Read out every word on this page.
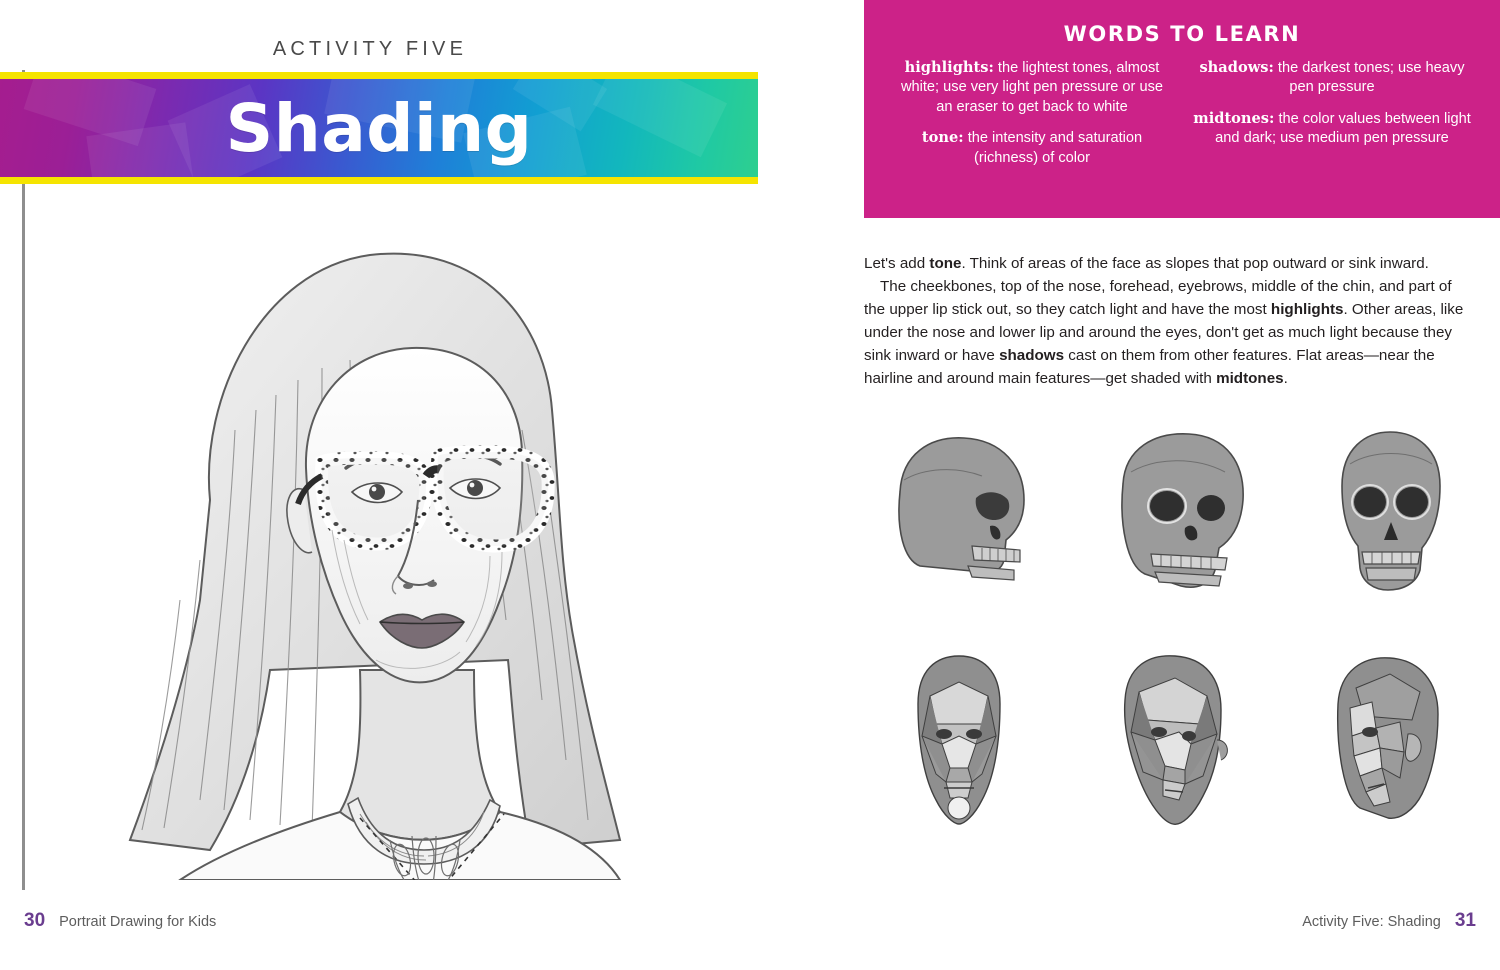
ACTIVITY FIVE
Shading
30 Portrait Drawing for Kids
WORDS TO LEARN
highlights: the lightest tones, almost white; use very light pen pressure or use an eraser to get back to white
tone: the intensity and saturation (richness) of color
shadows: the darkest tones; use heavy pen pressure
midtones: the color values between light and dark; use medium pen pressure

Let's add tone. Think of areas of the face as slopes that pop outward or sink inward.

The cheekbones, top of the nose, forehead, eyebrows, middle of the chin, and part of the upper lip stick out, so they catch light and have the most highlights. Other areas, like under the nose and lower lip and around the eyes, don't get as much light because they sink inward or have shadows cast on them from other features. Flat areas—near the hairline and around main features—get shaded with midtones.

Activity Five: Shading 31
